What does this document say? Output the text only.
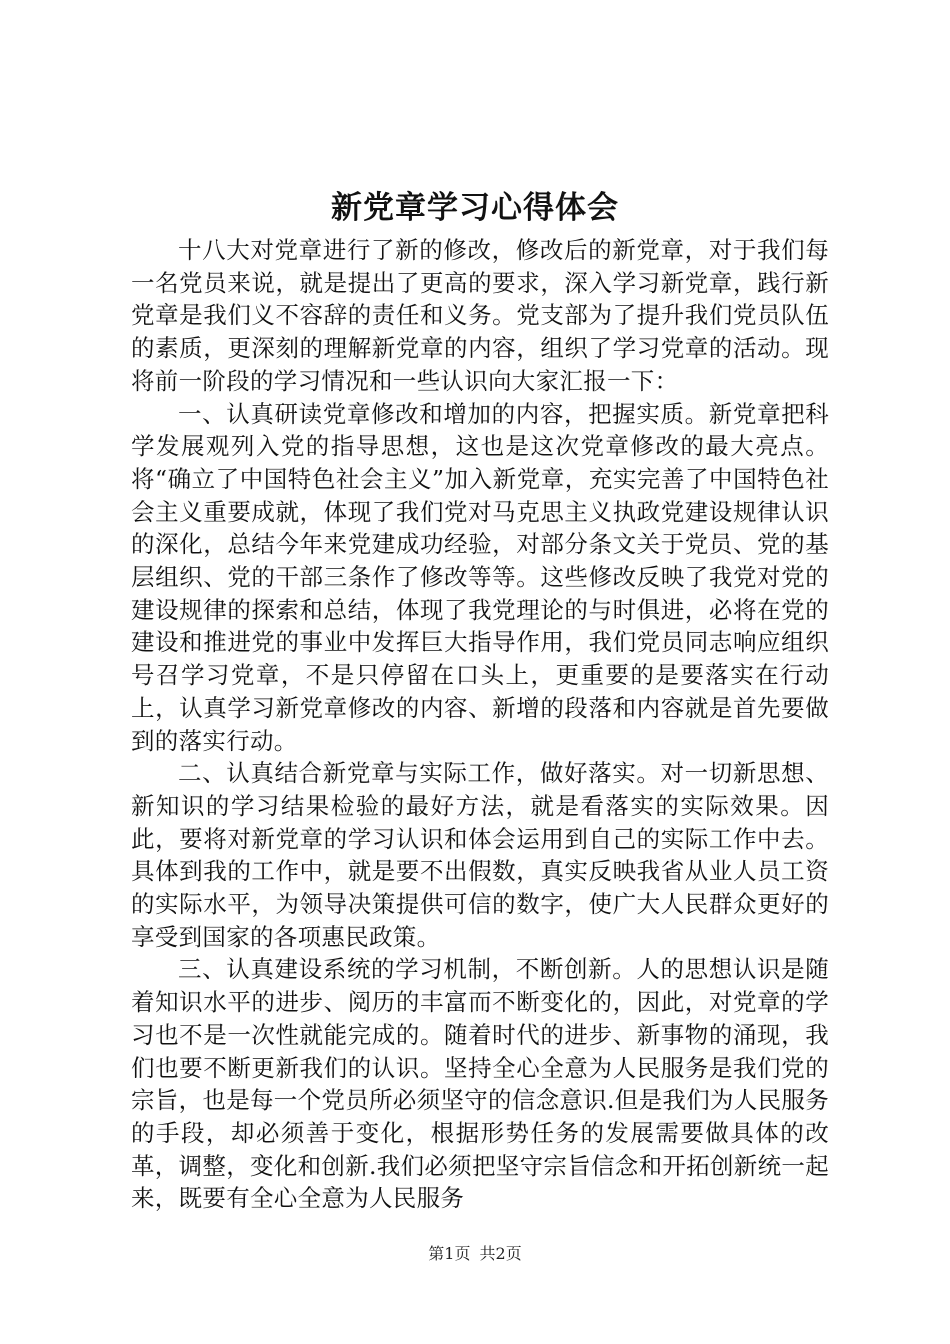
新党章学习心得体会

十八大对党章进行了新的修改，修改后的新党章，对于我们每一名党员来说，就是提出了更高的要求，深入学习新党章，践行新党章是我们义不容辞的责任和义务。党支部为了提升我们党员队伍的素质，更深刻的理解新党章的内容，组织了学习党章的活动。现将前一阶段的学习情况和一些认识向大家汇报一下：

一、认真研读党章修改和增加的内容，把握实质。新党章把科学发展观列入党的指导思想，这也是这次党章修改的最大亮点。将“确立了中国特色社会主义”加入新党章，充实完善了中国特色社会主义重要成就，体现了我们党对马克思主义执政党建设规律认识的深化，总结今年来党建成功经验，对部分条文关于党员、党的基层组织、党的干部三条作了修改等等。这些修改反映了我党对党的建设规律的探索和总结，体现了我党理论的与时俱进，必将在党的建设和推进党的事业中发挥巨大指导作用，我们党员同志响应组织号召学习党章，不是只停留在口头上，更重要的是要落实在行动上，认真学习新党章修改的内容、新增的段落和内容就是首先要做到的落实行动。

二、认真结合新党章与实际工作，做好落实。对一切新思想、新知识的学习结果检验的最好方法，就是看落实的实际效果。因此，要将对新党章的学习认识和体会运用到自己的实际工作中去。具体到我的工作中，就是要不出假数，真实反映我省从业人员工资的实际水平，为领导决策提供可信的数字，使广大人民群众更好的享受到国家的各项惠民政策。

三、认真建设系统的学习机制，不断创新。人的思想认识是随着知识水平的进步、阅历的丰富而不断变化的，因此，对党章的学习也不是一次性就能完成的。随着时代的进步、新事物的涌现，我们也要不断更新我们的认识。坚持全心全意为人民服务是我们党的宗旨，也是每一个党员所必须坚守的信念意识.但是我们为人民服务的手段，却必须善于变化，根据形势任务的发展需要做具体的改革，调整，变化和创新.我们必须把坚守宗旨信念和开拓创新统一起来，既要有全心全意为人民服务

第1页 共2页
